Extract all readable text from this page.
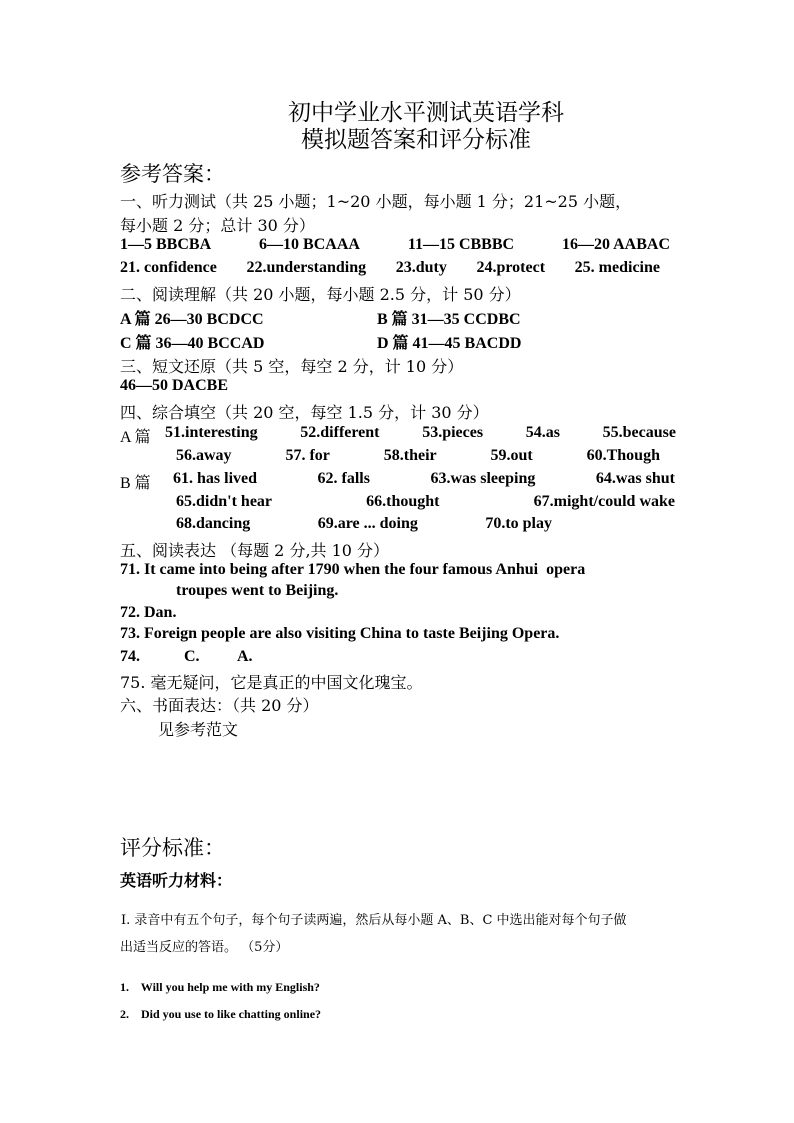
初中学业水平测试英语学科
模拟题答案和评分标准
参考答案：
一、听力测试（共 25 小题；1~20 小题，每小题 1 分；21~25 小题，
每小题 2 分；总计 30 分）
1—5 BBCBA	6—10 BCAAA	11—15 CBBBC	16—20 AABAC
21. confidence 22.understanding 23.duty 24.protect 25. medicine
二、阅读理解（共 20 小题，每小题 2.5 分，计 50 分）
A 篇 26—30 BCDCC	B 篇 31—35 CCDBC
C 篇 36—40 BCCAD	D 篇 41—45 BACDD
三、短文还原（共 5 空，每空 2 分，计 10 分）
46—50 DACBE
四、综合填空（共 20 空，每空 1.5 分，计 30 分）
A 篇 51.interesting	52.different	53.pieces	54.as	55.because
56.away	57. for	58.their	59.out	60.Though
B 篇 61. has lived	62. falls	63.was sleeping	64.was shut
65.didn't hear	66.thought	67.might/could wake
68.dancing	69.are ... doing	70.to play
五、阅读表达 （每题 2 分,共 10 分）
71. It came into being after 1790 when the four famous Anhui  opera
troupes went to Beijing.
72. Dan.
73. Foreign people are also visiting China to taste Beijing Opera.
74.	C. A.
75. 毫无疑问，它是真正的中国文化瑰宝。
六、书面表达：（共 20 分）
见参考范文
评分标准：
英语听力材料：
Ⅰ. 录音中有五个句子，每个句子读两遍，然后从每小题 A、B、C 中选出能对每个句子做
出适当反应的答语。 （5分）
1.    Will you help me with my English?
2.    Did you use to like chatting online?
